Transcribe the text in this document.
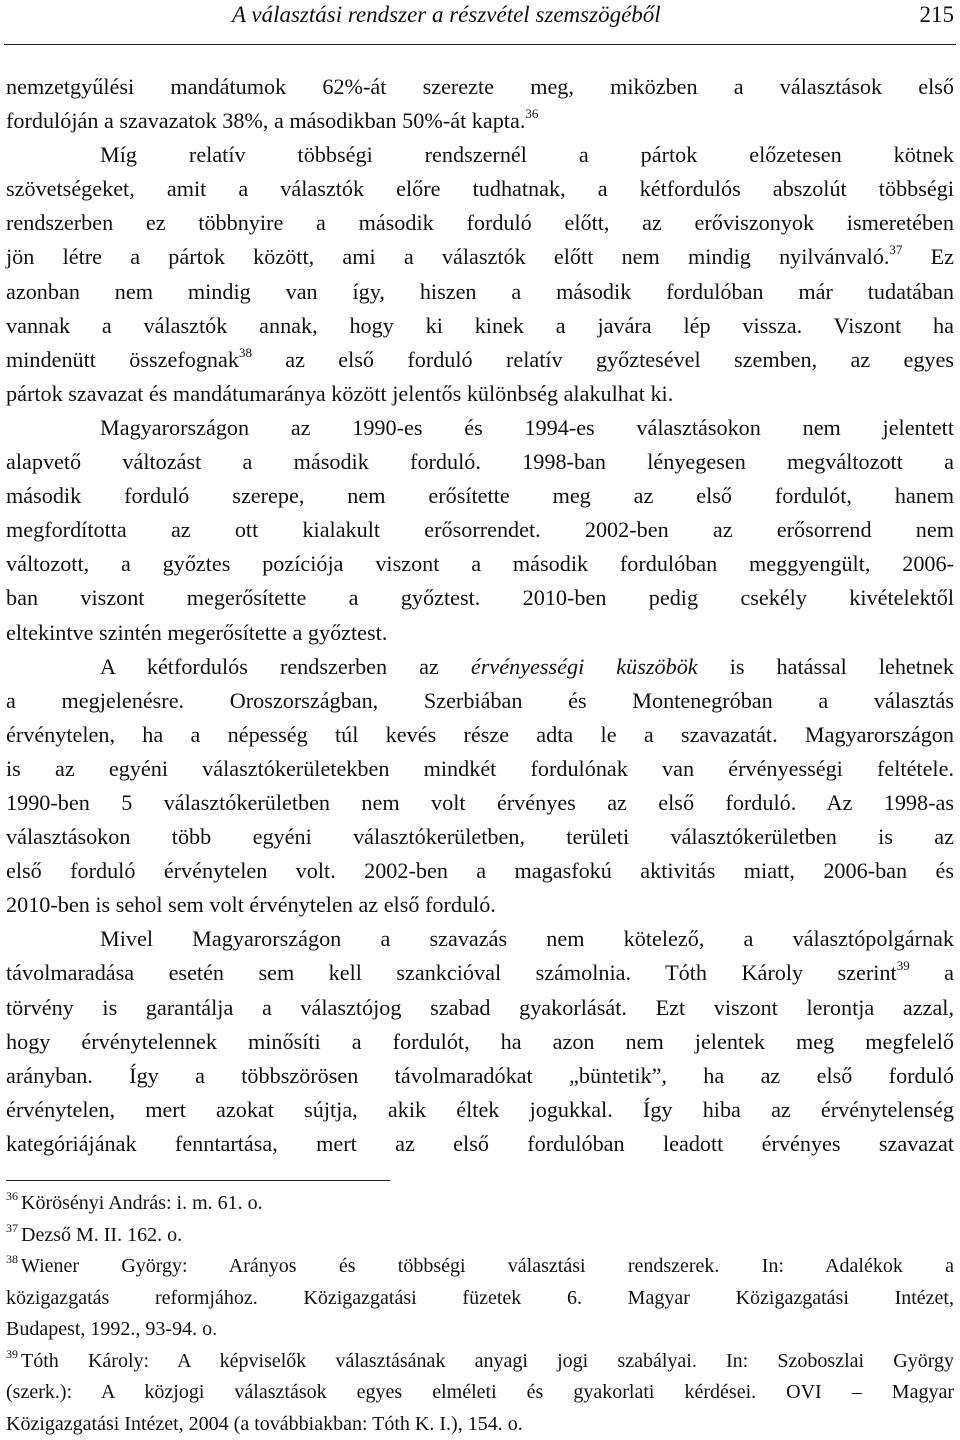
A választási rendszer a részvétel szemszögéből	215

nemzetgyűlési mandátumok 62%-át szerezte meg, miközben a választások első

fordulóján a szavazatok 38%, a másodikban 50%-át kapta.$^{36}$

Míg relatív többségi rendszernél a pártok előzetesen kötnek

szövetségeket, amit a választók előre tudhatnak, a kétfordulós abszolút többségi

rendszerben ez többnyire a második forduló előtt, az erőviszonyok ismeretében

jön létre a pártok között, ami a választók előtt nem mindig nyilvánvaló.$^{37}$ Ez

azonban nem mindig van így, hiszen a második fordulóban már tudatában

vannak a választók annak, hogy ki kinek a javára lép vissza. Viszont ha

mindenütt összefognak$^{38}$ az első forduló relatív győztesével szemben, az egyes

pártok szavazat és mandátumaránya között jelentős különbség alakulhat ki.

Magyarországon az 1990-es és 1994-es választásokon nem jelentett

alapvető változást a második forduló. 1998-ban lényegesen megváltozott a

második forduló szerepe, nem erősítette meg az első fordulót, hanem

megfordította az ott kialakult erősorrendet. 2002-ben az erősorrend nem

változott, a győztes pozíciója viszont a második fordulóban meggyengült, 2006-

ban viszont megerősítette a győztest. 2010-ben pedig csekély kivételektől

eltekintve szintén megerősítette a győztest.

A kétfordulós rendszerben az érvényességi küszöbök is hatással lehetnek

a megjelenésre. Oroszországban, Szerbiában és Montenegróban a választás

érvénytelen, ha a népesség túl kevés része adta le a szavazatát. Magyarországon

is az egyéni választókerületekben mindkét fordulónak van érvényességi feltétele.

1990-ben 5 választókerületben nem volt érvényes az első forduló. Az 1998-as

választásokon több egyéni választókerületben, területi választókerületben is az

első forduló érvénytelen volt. 2002-ben a magasfokú aktivitás miatt, 2006-ban és

2010-ben is sehol sem volt érvénytelen az első forduló.

Mivel Magyarországon a szavazás nem kötelező, a választópolgárnak

távolmaradása esetén sem kell szankcióval számolnia. Tóth Károly szerint$^{39}$ a

törvény is garantálja a választójog szabad gyakorlását. Ezt viszont lerontja azzal,

hogy érvénytelennek minősíti a fordulót, ha azon nem jelentek meg megfelelő

arányban. Így a többszörösen távolmaradókat „büntetik”, ha az első forduló

érvénytelen, mert azokat sújtja, akik éltek jogukkal. Így hiba az érvénytelenség

kategóriájának fenntartása, mert az első fordulóban leadott érvényes szavazat

$^{36}$ Körösényi András: i. m. 61. o.

$^{37}$ Dezső M. II. 162. o.

$^{38}$ Wiener György: Arányos és többségi választási rendszerek. In: Adalékok a

közigazgatás reformjához. Közigazgatási füzetek 6. Magyar Közigazgatási Intézet,

Budapest, 1992., 93-94. o.

$^{39}$ Tóth Károly: A képviselők választásának anyagi jogi szabályai. In: Szoboszlai György

(szerk.): A közjogi választások egyes elméleti és gyakorlati kérdései. OVI – Magyar

Közigazgatási Intézet, 2004 (a továbbiakban: Tóth K. I.), 154. o.
